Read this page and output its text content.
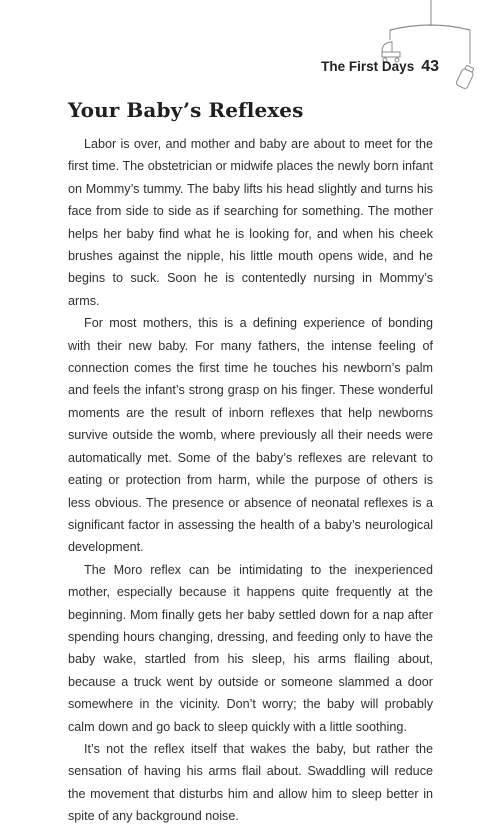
The First Days 43
Your Baby’s Reflexes

Labor is over, and mother and baby are about to meet for the first time. The obstetrician or midwife places the newly born infant on Mommy’s tummy. The baby lifts his head slightly and turns his face from side to side as if searching for something. The mother helps her baby find what he is looking for, and when his cheek brushes against the nipple, his little mouth opens wide, and he begins to suck. Soon he is contentedly nursing in Mommy’s arms.

For most mothers, this is a defining experience of bonding with their new baby. For many fathers, the intense feeling of connection comes the first time he touches his newborn’s palm and feels the infant’s strong grasp on his finger. These wonderful moments are the result of inborn reflexes that help newborns survive outside the womb, where previously all their needs were automatically met. Some of the baby’s reflexes are relevant to eating or protection from harm, while the purpose of others is less obvious. The presence or absence of neonatal reflexes is a significant factor in assessing the health of a baby’s neurological development.

The Moro reflex can be intimidating to the inexperienced mother, especially because it happens quite frequently at the beginning. Mom finally gets her baby settled down for a nap after spending hours changing, dressing, and feeding only to have the baby wake, startled from his sleep, his arms flailing about, because a truck went by outside or someone slammed a door somewhere in the vicinity. Don’t worry; the baby will probably calm down and go back to sleep quickly with a little soothing.

It’s not the reflex itself that wakes the baby, but rather the sensation of having his arms flail about. Swaddling will reduce the movement that disturbs him and allow him to sleep better in spite of any background noise.
